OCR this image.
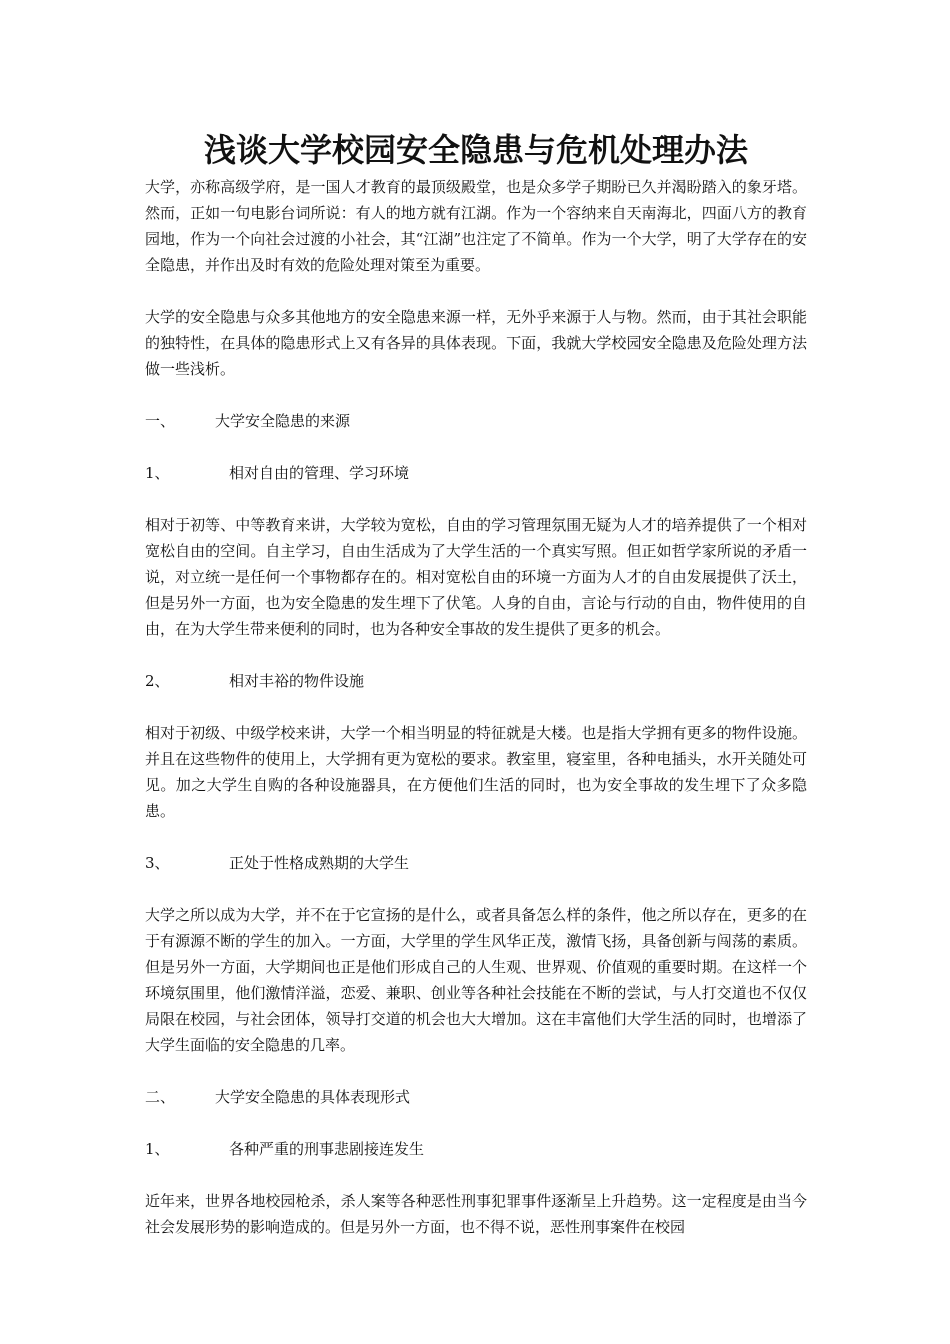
浅谈大学校园安全隐患与危机处理办法

大学，亦称高级学府，是一国人才教育的最顶级殿堂，也是众多学子期盼已久并渴盼踏入的象牙塔。然而，正如一句电影台词所说：有人的地方就有江湖。作为一个容纳来自天南海北，四面八方的教育园地，作为一个向社会过渡的小社会，其“江湖”也注定了不简单。作为一个大学，明了大学存在的安全隐患，并作出及时有效的危险处理对策至为重要。

大学的安全隐患与众多其他地方的安全隐患来源一样，无外乎来源于人与物。然而，由于其社会职能的独特性，在具体的隐患形式上又有各异的具体表现。下面，我就大学校园安全隐患及危险处理方法做一些浅析。

一、	大学安全隐患的来源
1、	相对自由的管理、学习环境

相对于初等、中等教育来讲，大学较为宽松，自由的学习管理氛围无疑为人才的培养提供了一个相对宽松自由的空间。自主学习，自由生活成为了大学生活的一个真实写照。但正如哲学家所说的矛盾一说，对立统一是任何一个事物都存在的。相对宽松自由的环境一方面为人才的自由发展提供了沃土，但是另外一方面，也为安全隐患的发生埋下了伏笔。人身的自由，言论与行动的自由，物件使用的自由，在为大学生带来便利的同时，也为各种安全事故的发生提供了更多的机会。

2、	相对丰裕的物件设施

相对于初级、中级学校来讲，大学一个相当明显的特征就是大楼。也是指大学拥有更多的物件设施。并且在这些物件的使用上，大学拥有更为宽松的要求。教室里，寝室里，各种电插头，水开关随处可见。加之大学生自购的各种设施器具，在方便他们生活的同时，也为安全事故的发生埋下了众多隐患。

3、	正处于性格成熟期的大学生

大学之所以成为大学，并不在于它宣扬的是什么，或者具备怎么样的条件，他之所以存在，更多的在于有源源不断的学生的加入。一方面，大学里的学生风华正茂，激情飞扬，具备创新与闯荡的素质。但是另外一方面，大学期间也正是他们形成自己的人生观、世界观、价值观的重要时期。在这样一个环境氛围里，他们激情洋溢，恋爱、兼职、创业等各种社会技能在不断的尝试，与人打交道也不仅仅局限在校园，与社会团体，领导打交道的机会也大大增加。这在丰富他们大学生活的同时，也增添了大学生面临的安全隐患的几率。

二、	大学安全隐患的具体表现形式
1、	各种严重的刑事悲剧接连发生

近年来，世界各地校园枪杀，杀人案等各种恶性刑事犯罪事件逐渐呈上升趋势。这一定程度是由当今社会发展形势的影响造成的。但是另外一方面，也不得不说，恶性刑事案件在校园
